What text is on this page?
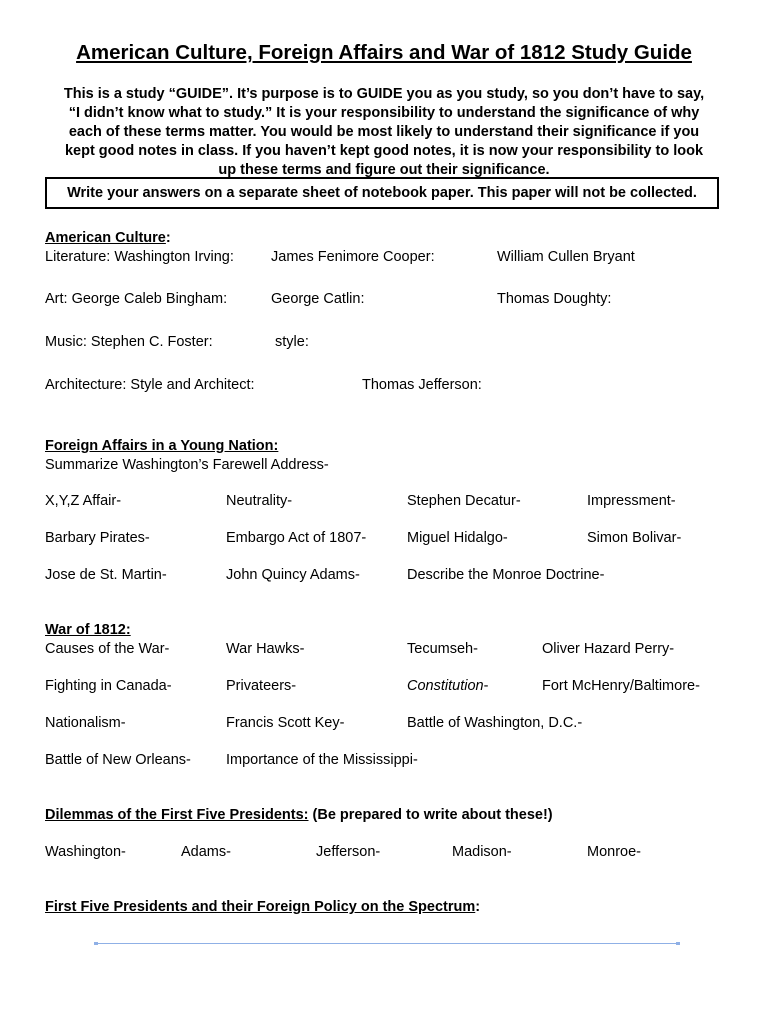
American Culture, Foreign Affairs and War of 1812 Study Guide
This is a study “GUIDE”. It’s purpose is to GUIDE you as you study, so you don’t have to say,
“I didn’t know what to study.” It is your responsibility to understand the significance of why
each of these terms matter. You would be most likely to understand their significance if you
kept good notes in class. If you haven’t kept good notes, it is now your responsibility to look
up these terms and figure out their significance.
Write your answers on a separate sheet of notebook paper. This paper will not be collected.
American Culture:
Literature: Washington Irving:	James Fenimore Cooper:	William Cullen Bryant
Art: George Caleb Bingham:	George Catlin:	Thomas Doughty:
Music: Stephen C. Foster:	style:
Architecture: Style and Architect:	Thomas Jefferson:
Foreign Affairs in a Young Nation:
Summarize Washington’s Farewell Address-
X,Y,Z Affair-	Neutrality-	Stephen Decatur-	Impressment-
Barbary Pirates-	Embargo Act of 1807-	Miguel Hidalgo-	Simon Bolivar-
Jose de St. Martin-	John Quincy Adams-	Describe the Monroe Doctrine-
War of 1812:
Causes of the War-	War Hawks-	Tecumseh-	Oliver Hazard Perry-
Fighting in Canada-	Privateers-	Constitution-	Fort McHenry/Baltimore-
Nationalism-	Francis Scott Key-	Battle of Washington, D.C.-
Battle of New Orleans- Importance of the Mississippi-
Dilemmas of the First Five Presidents: (Be prepared to write about these!)
Washington-	Adams-	Jefferson-	Madison-	Monroe-
First Five Presidents and their Foreign Policy on the Spectrum:
